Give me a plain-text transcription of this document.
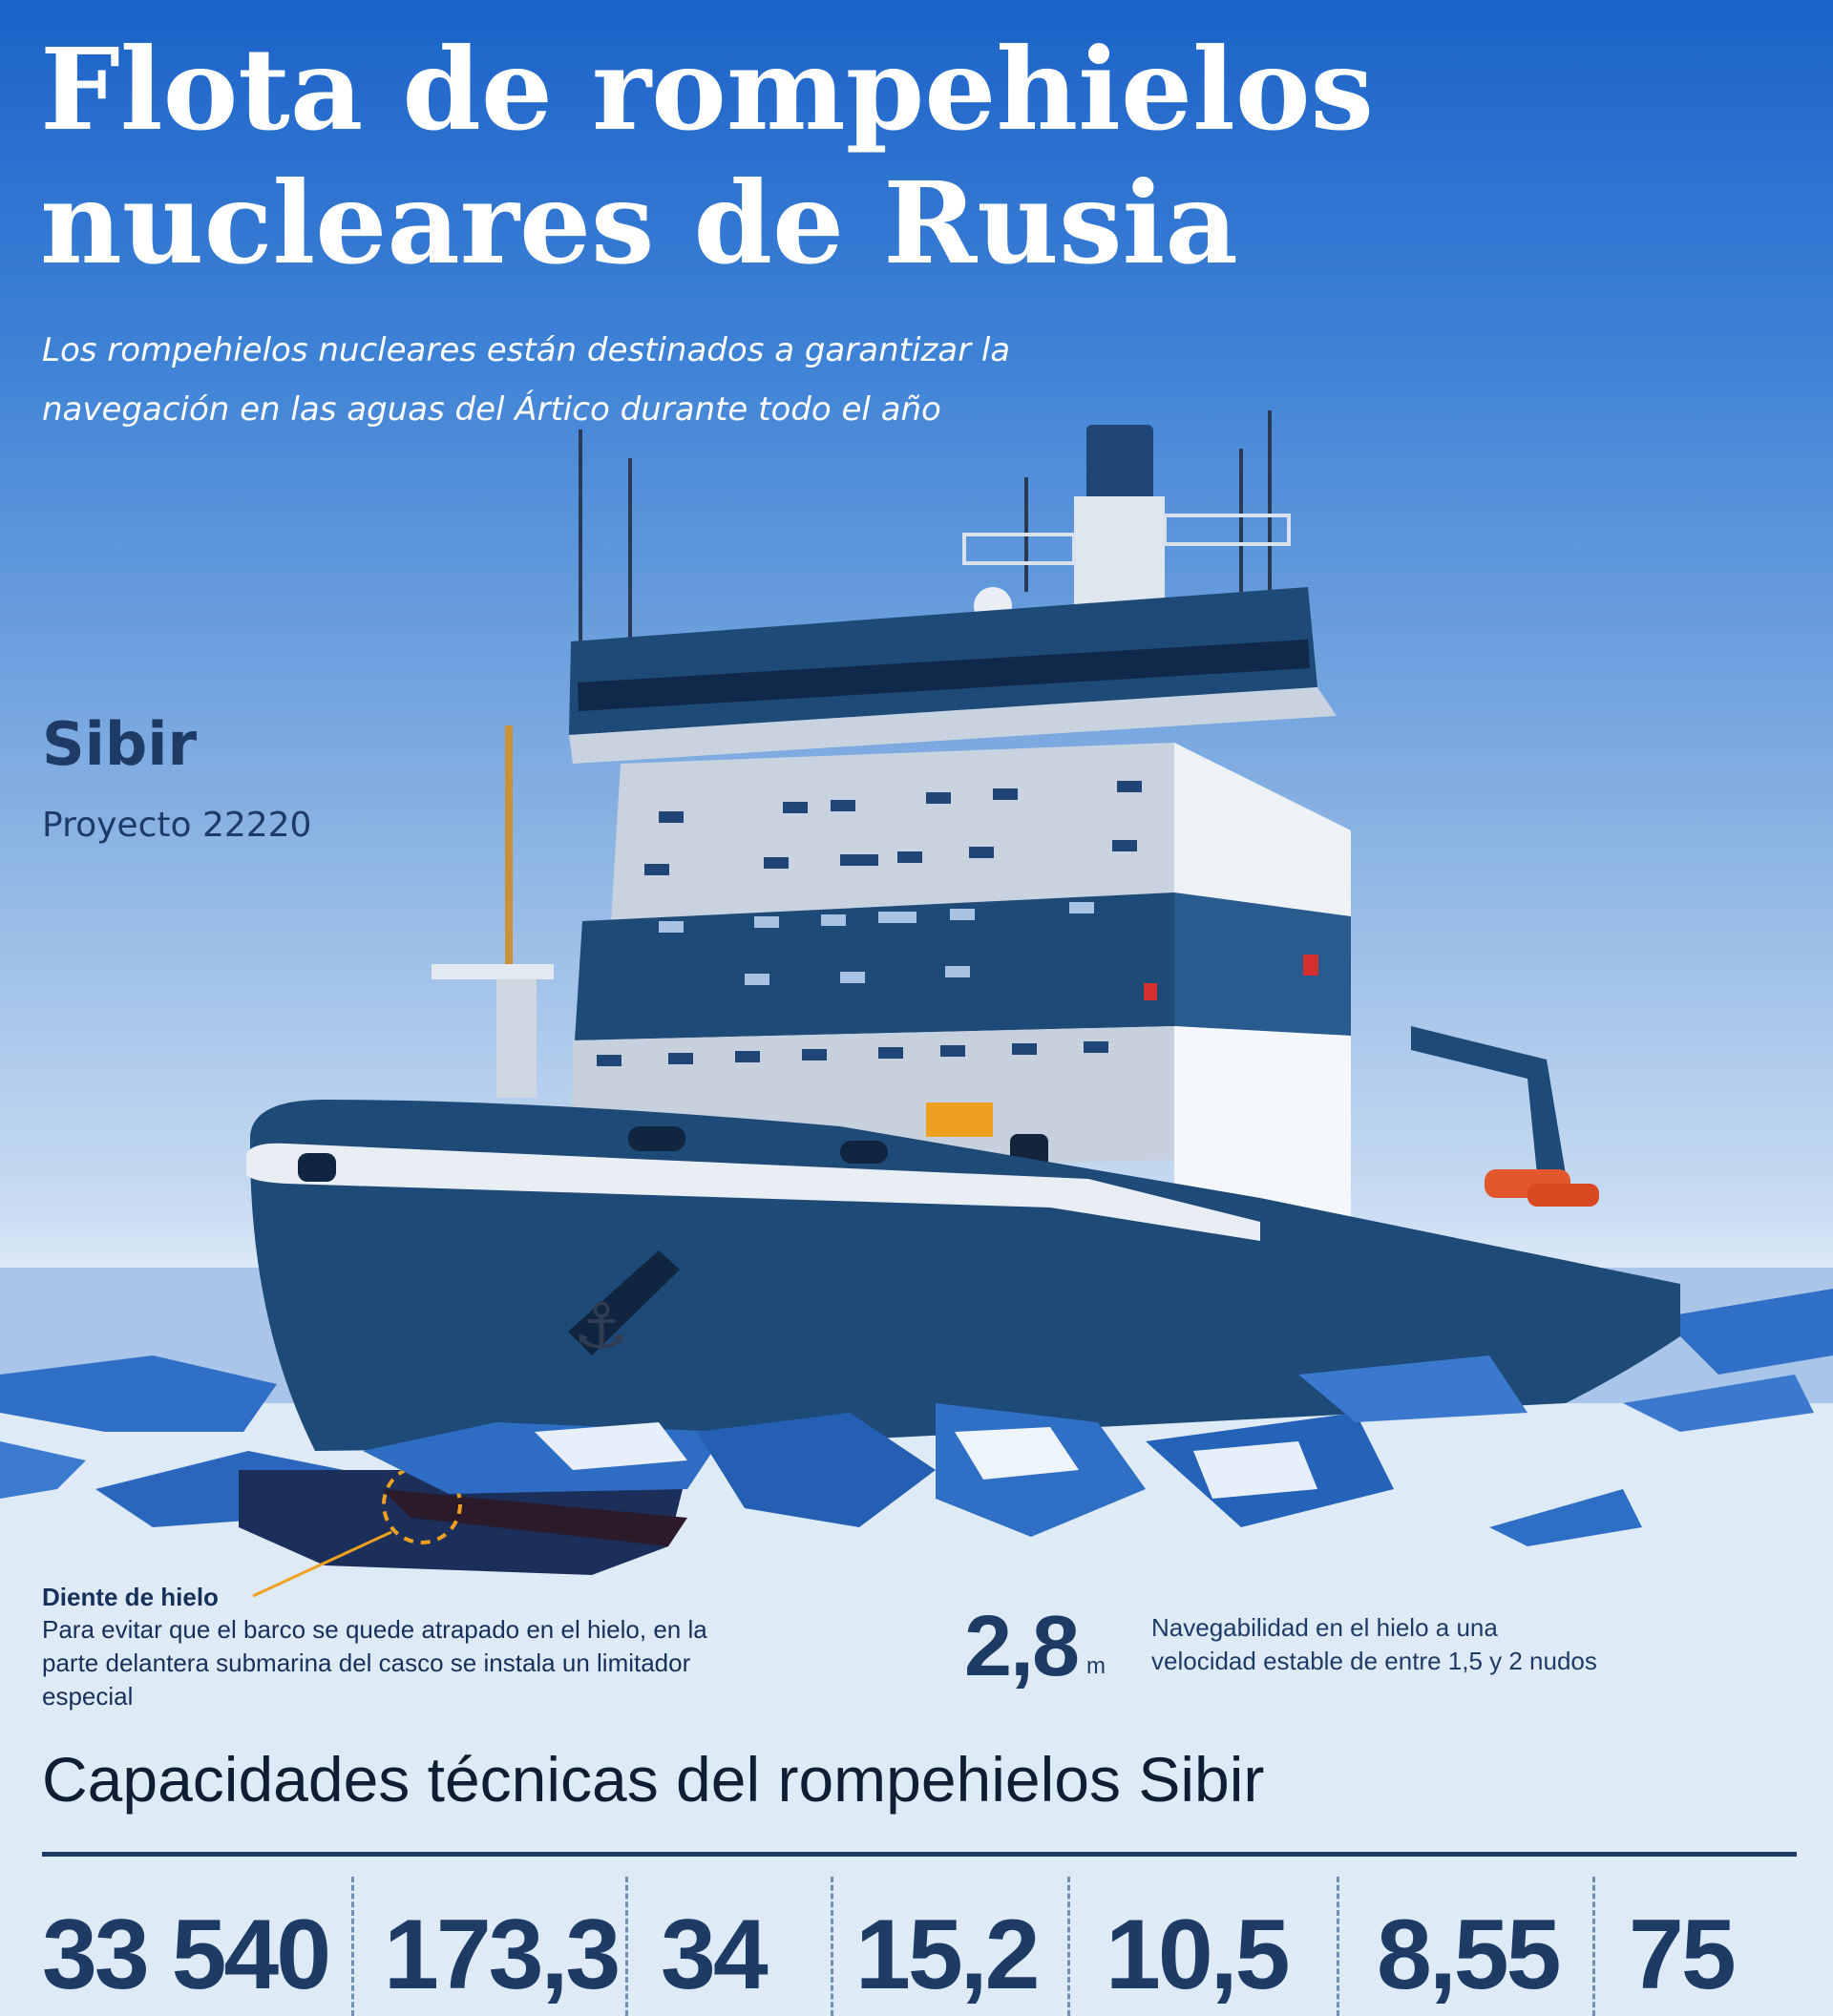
⚓
Flota de rompehielos
nucleares de Rusia
Los rompehielos nucleares están destinados a garantizar la
navegación en las aguas del Ártico durante todo el año
Sibir
Proyecto 22220
Diente de hielo
Para evitar que el barco se quede atrapado en el hielo, en la
parte delantera submarina del casco se instala un limitador
especial
2,8 m
Navegabilidad en el hielo a una
velocidad estable de entre 1,5 y 2 nudos
Capacidades técnicas del rompehielos Sibir
33 540 173,3 34 15,2 10,5 8,55 75
